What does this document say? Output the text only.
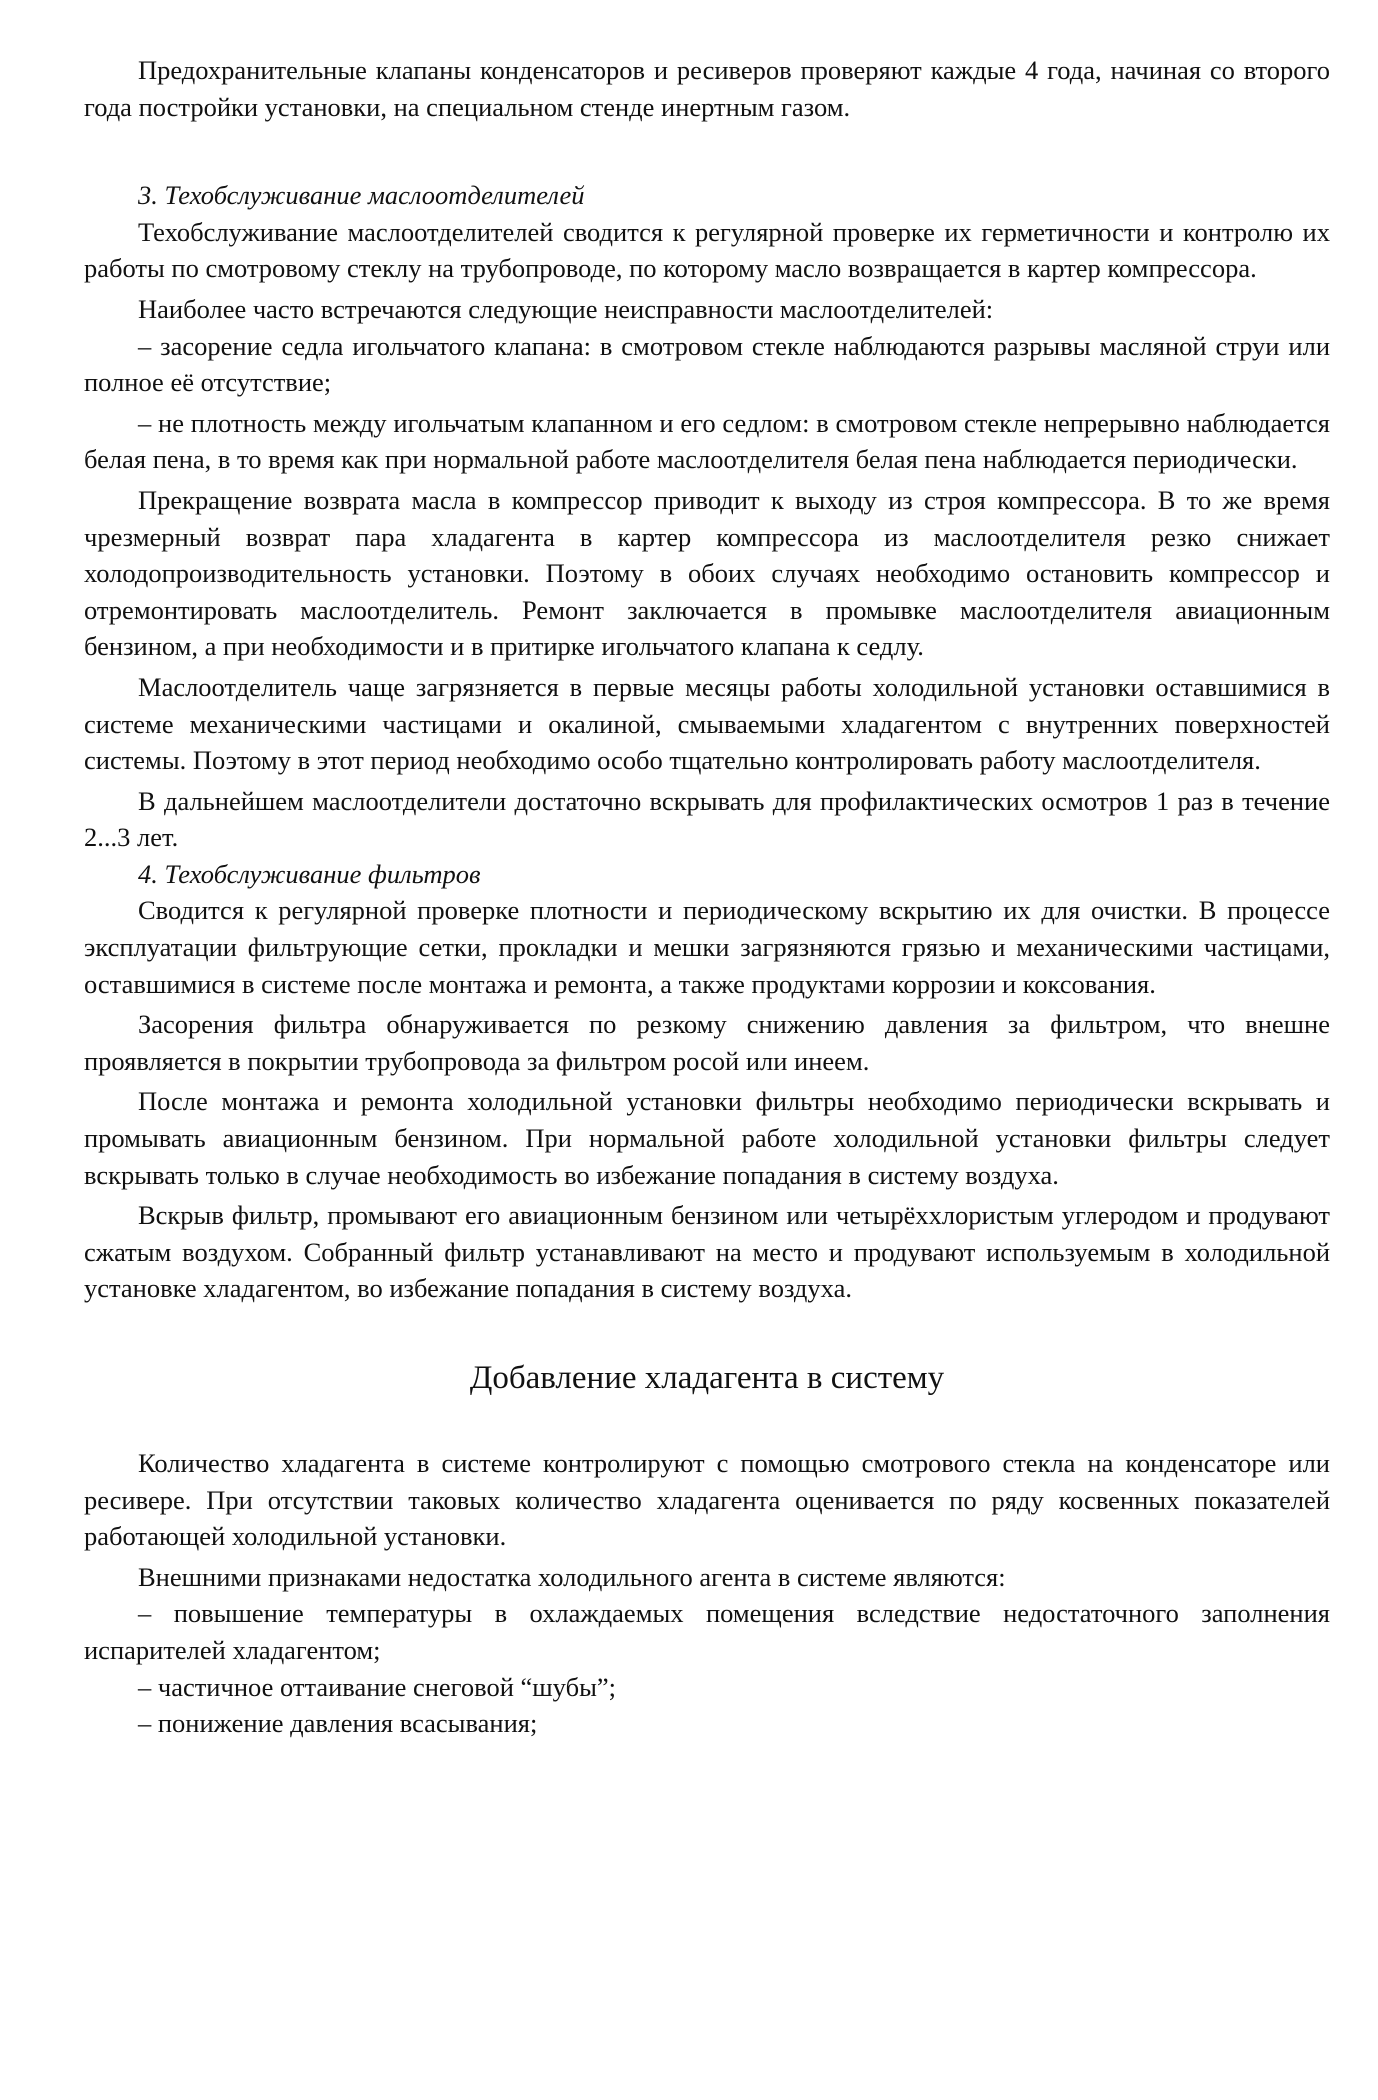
Предохранительные клапаны конденсаторов и ресиверов проверяют каждые 4 года, начиная со второго года постройки установки, на специальном стенде инертным газом.

3. Техобслуживание маслоотделителей

Техобслуживание маслоотделителей сводится к регулярной проверке их герметичности и контролю их работы по смотровому стеклу на трубопроводе, по которому масло возвращается в картер компрессора.

Наиболее часто встречаются следующие неисправности маслоотделителей:

– засорение седла игольчатого клапана: в смотровом стекле наблюдаются разрывы масляной струи или полное её отсутствие;

– не плотность между игольчатым клапанном и его седлом: в смотровом стекле непрерывно наблюдается белая пена, в то время как при нормальной работе маслоотделителя белая пена наблюдается периодически.

Прекращение возврата масла в компрессор приводит к выходу из строя компрессора. В то же время чрезмерный возврат пара хладагента в картер компрессора из маслоотделителя резко снижает холодопроизводительность установки. Поэтому в обоих случаях необходимо остановить компрессор и отремонтировать маслоотделитель. Ремонт заключается в промывке маслоотделителя авиационным бензином, а при необходимости и в притирке игольчатого клапана к седлу.

Маслоотделитель чаще загрязняется в первые месяцы работы холодильной установки оставшимися в системе механическими частицами и окалиной, смываемыми хладагентом с внутренних поверхностей системы. Поэтому в этот период необходимо особо тщательно контролировать работу маслоотделителя.

В дальнейшем маслоотделители достаточно вскрывать для профилактических осмотров 1 раз в течение 2...3 лет.

4. Техобслуживание фильтров

Сводится к регулярной проверке плотности и периодическому вскрытию их для очистки. В процессе эксплуатации фильтрующие сетки, прокладки и мешки загрязняются грязью и механическими частицами, оставшимися в системе после монтажа и ремонта, а также продуктами коррозии и коксования.

Засорения фильтра обнаруживается по резкому снижению давления за фильтром, что внешне проявляется в покрытии трубопровода за фильтром росой или инеем.

После монтажа и ремонта холодильной установки фильтры необходимо периодически вскрывать и промывать авиационным бензином. При нормальной работе холодильной установки фильтры следует вскрывать только в случае необходимость во избежание попадания в систему воздуха.

Вскрыв фильтр, промывают его авиационным бензином или четырёххлористым углеродом и продувают сжатым воздухом. Собранный фильтр устанавливают на место и продувают используемым в холодильной установке хладагентом, во избежание попадания в систему воздуха.

Добавление хладагента в систему

Количество хладагента в системе контролируют с помощью смотрового стекла на конденсаторе или ресивере. При отсутствии таковых количество хладагента оценивается по ряду косвенных показателей работающей холодильной установки.

Внешними признаками недостатка холодильного агента в системе являются:

– повышение температуры в охлаждаемых помещения вследствие недостаточного заполнения испарителей хладагентом;

– частичное оттаивание снеговой “шубы”;

– понижение давления всасывания;
